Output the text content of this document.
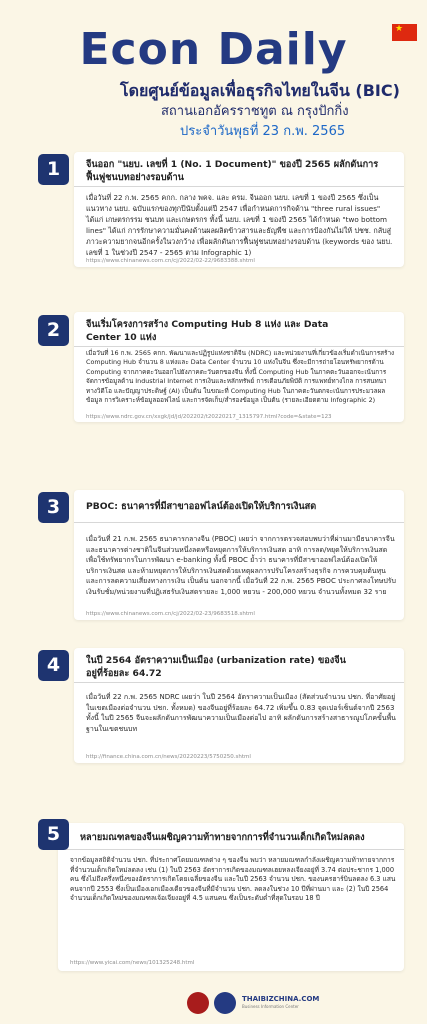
Econ Daily	★
โดยศูนย์ข้อมูลเพื่อธุรกิจไทยในจีน (BIC)
สถานเอกอัครราชทูต ณ กรุงปักกิ่ง
ประจำวันพุธที่ 23 ก.พ. 2565
จีนออก "นยบ. เลขที่ 1 (No. 1 Document)" ของปี 2565 ผลักดันการฟื้นฟูชนบทอย่างรอบด้าน
เมื่อวันที่ 22 ก.พ. 2565 คกก. กลาง พคจ. และ ครม. จีนออก นยบ. เลขที่ 1 ของปี 2565 ซึ่งเป็นแนวทาง นยบ. ฉบับแรกของทุกปีนับตั้งแต่ปี 2547 เพื่อกำหนดการกิจด้าน "three rural issues" ได้แก่ เกษตรกรรม ชนบท และเกษตรกร ทั้งนี้ นยบ. เลขที่ 1 ของปี 2565 ได้กำหนด "two bottom lines" ได้แก่ การรักษาความมั่นคงด้านผลผลิตข้าวสารและธัญพืช และการป้องกันไม่ให้ ปชช. กลับสู่ภาวะความยากจนอีกครั้งในวงกว้าง เพื่อผลักดันการฟื้นฟูชนบทอย่างรอบด้าน (keywords ของ นยบ. เลขที่ 1 ในช่วงปี 2547 - 2565 ตาม Infographic 1)
https://www.chinanews.com.cn/cj/2022/02-22/9683388.shtml
1
จีนเริ่มโครงการสร้าง Computing Hub 8 แห่ง และ Data Center 10 แห่ง
เมื่อวันที่ 16 ก.พ. 2565 คกก. พัฒนาและปฏิรูปแห่งชาติจีน (NDRC) และหน่วยงานที่เกี่ยวข้องเริ่มดำเนินการสร้าง Computing Hub จำนวน 8 แห่งและ Data Center จำนวน 10 แห่งในจีน ซึ่งจะมีการถ่ายโอนทรัพยากรด้าน Computing จากภาคตะวันออกไปยังภาคตะวันตกของจีน ทั้งนี้ Computing Hub ในภาคตะวันออกจะเน้นการจัดการข้อมูลด้าน Industrial Internet การเงินและหลักทรัพย์ การเตือนภัยพิบัติ การแพทย์ทางไกล การสนทนาทางวิดีโอ และปัญญาประดิษฐ์ (AI) เป็นต้น ในขณะที่ Computing Hub ในภาคตะวันตกจะเน้นการประมวลผลข้อมูล การวิเคราะห์ข้อมูลออฟไลน์ และการจัดเก็บ/สำรองข้อมูล เป็นต้น (รายละเอียดตาม Infographic 2)
https://www.ndrc.gov.cn/xxgk/jd/jd/202202/t20220217_1315797.html?code=&state=123
2
PBOC: ธนาคารที่มีสาขาออฟไลน์ต้องเปิดให้บริการเงินสด
เมื่อวันที่ 21 ก.พ. 2565 ธนาคารกลางจีน (PBOC) เผยว่า จากการตรวจสอบพบว่าที่ผ่านมามีธนาคารจีนและธนาคารต่างชาติในจีนส่วนหนึ่งลดหรือหยุดการให้บริการเงินสด อาทิ การลด/หยุดให้บริการเงินสดเพื่อใช้ทรัพยากรในการพัฒนา e-banking ทั้งนี้ PBOC ย้ำว่า ธนาคารที่มีสาขาออฟไลน์ต้องเปิดให้บริการเงินสด และห้ามหยุดการให้บริการเงินสดด้วยเหตุผลการปรับโครงสร้างธุรกิจ การควบคุมต้นทุน และการลดความเสี่ยงทางการเงิน เป็นต้น นอกจากนี้ เมื่อวันที่ 22 ก.พ. 2565 PBOC ประกาศลงโทษปรับเงินรับชั่ม/หน่วยงานที่ปฏิเสธรับเงินสดรายละ 1,000 หยวน - 200,000 หยวน จำนวนทั้งหมด 32 ราย
https://www.chinanews.com.cn/cj/2022/02-23/9683518.shtml
3
ในปี 2564 อัตราความเป็นเมือง (urbanization rate) ของจีนอยู่ที่ร้อยละ 64.72
เมื่อวันที่ 22 ก.พ. 2565 NDRC เผยว่า ในปี 2564 อัตราความเป็นเมือง (สัดส่วนจำนวน ปชก. ที่อาศัยอยู่ในเขตเมืองต่อจำนวน ปชก. ทั้งหมด) ของจีนอยู่ที่ร้อยละ 64.72 เพิ่มขึ้น 0.83 จุดเปอร์เซ็นต์จากปี 2563 ทั้งนี้ ในปี 2565 จีนจะผลักดันการพัฒนาความเป็นเมืองต่อไป อาทิ ผลักดันการสร้างสาธารณูปโภคขั้นพื้นฐานในเขตชนบท
http://finance.china.com.cn/news/20220223/5750250.shtml
4
หลายมณฑลของจีนเผชิญความท้าทายจากการที่จำนวนเด็กเกิดใหม่ลดลง
จากข้อมูลสถิติจำนวน ปชก. ที่ประกาศโดยมณฑลต่าง ๆ ของจีน พบว่า หลายมณฑลกำลังเผชิญความท้าทายจากการที่จำนวนเด็กเกิดใหม่ลดลง เช่น (1) ในปี 2563 อัตราการเกิดของมณฑลเฮยหลงเจียงอยู่ที่ 3.74 ต่อประชากร 1,000 คน ซึ่งไม่ถึงครึ่งหนึ่งของอัตราการเกิดโดยเฉลี่ยของจีน และในปี 2563 จำนวน ปชก. ของนครฮาร์บินลดลง 6.3 แสนคนจากปี 2553 ซึ่งเป็นเมืองเอกเมืองเดียวของจีนที่มีจำนวน ปชก. ลดลงในช่วง 10 ปีที่ผ่านมา และ (2) ในปี 2564 จำนวนเด็กเกิดใหม่ของมณฑลเจ้อเจียงอยู่ที่ 4.5 แสนคน ซึ่งเป็นระดับต่ำที่สุดในรอบ 18 ปี
https://www.yicai.com/news/101325248.html
5
THAIBIZCHINA.COM
Business Information Center
